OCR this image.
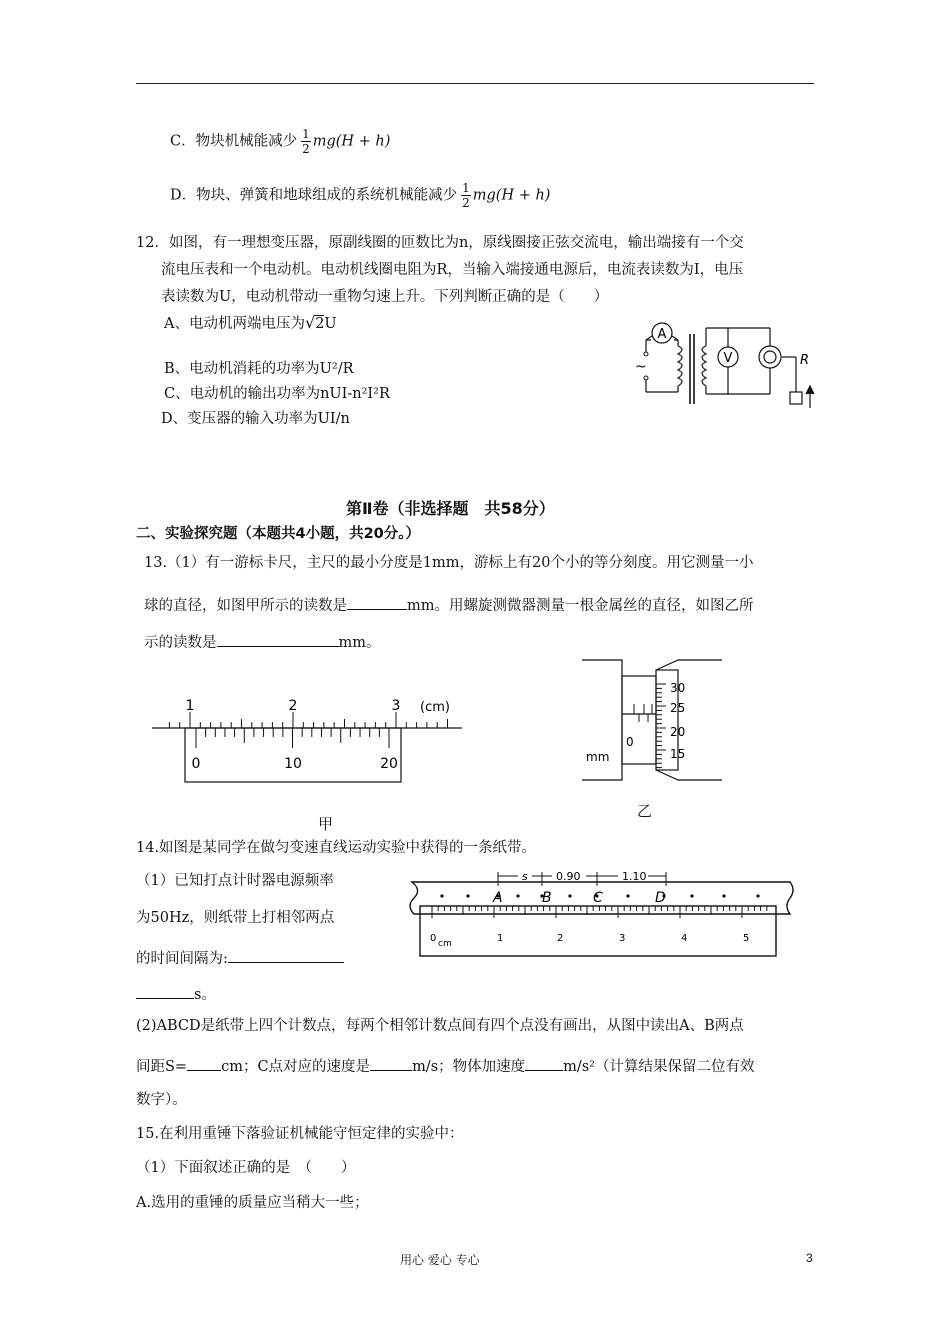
C．物块机械能减少 $\frac{1}{2} mg(H + h)$
D．物块、弹簧和地球组成的系统机械能减少 $\frac{1}{2} mg(H + h)$
12．如图，有一理想变压器，原副线圈的匝数比为n，原线圈接正弦交流电，输出端接有一个交
流电压表和一个电动机。电动机线圈电阻为R，当输入端接通电源后，电流表读数为I，电压
表读数为U，电动机带动一重物匀速上升。下列判断正确的是（　　）
A、电动机两端电压为√2U
B、电动机消耗的功率为U²/R
C、电动机的输出功率为nUI-n²I²R
D、变压器的输入功率为UI/n
A
~
V	R
第Ⅱ卷（非选择题　共58分）
二、实验探究题（本题共4小题，共20分。）
13.（1）有一游标卡尺，主尺的最小分度是1mm，游标上有20个小的等分刻度。用它测量一小
球的直径，如图甲所示的读数是	mm。用螺旋测微器测量一根金属丝的直径，如图乙所
示的读数是	mm。
1	2	3 (cm)
0	10	20
甲
0
mm
30
25
20
15
乙
14.如图是某同学在做匀变速直线运动实验中获得的一条纸带。
（1）已知打点计时器电源频率
为50Hz，则纸带上打相邻两点
的时间间隔为:
s。
s	0.90	1.10
A	B	C	D
0 cm	1	2	3	4	5
(2)ABCD是纸带上四个计数点，每两个相邻计数点间有四个点没有画出，从图中读出A、B两点
间距S= cm；C点对应的速度是	m/s；物体加速度	m/s²（计算结果保留二位有效
数字）。
15.在利用重锤下落验证机械能守恒定律的实验中：
（1）下面叙述正确的是　（　　）
A.选用的重锤的质量应当稍大一些；
用心 爱心 专心	3
